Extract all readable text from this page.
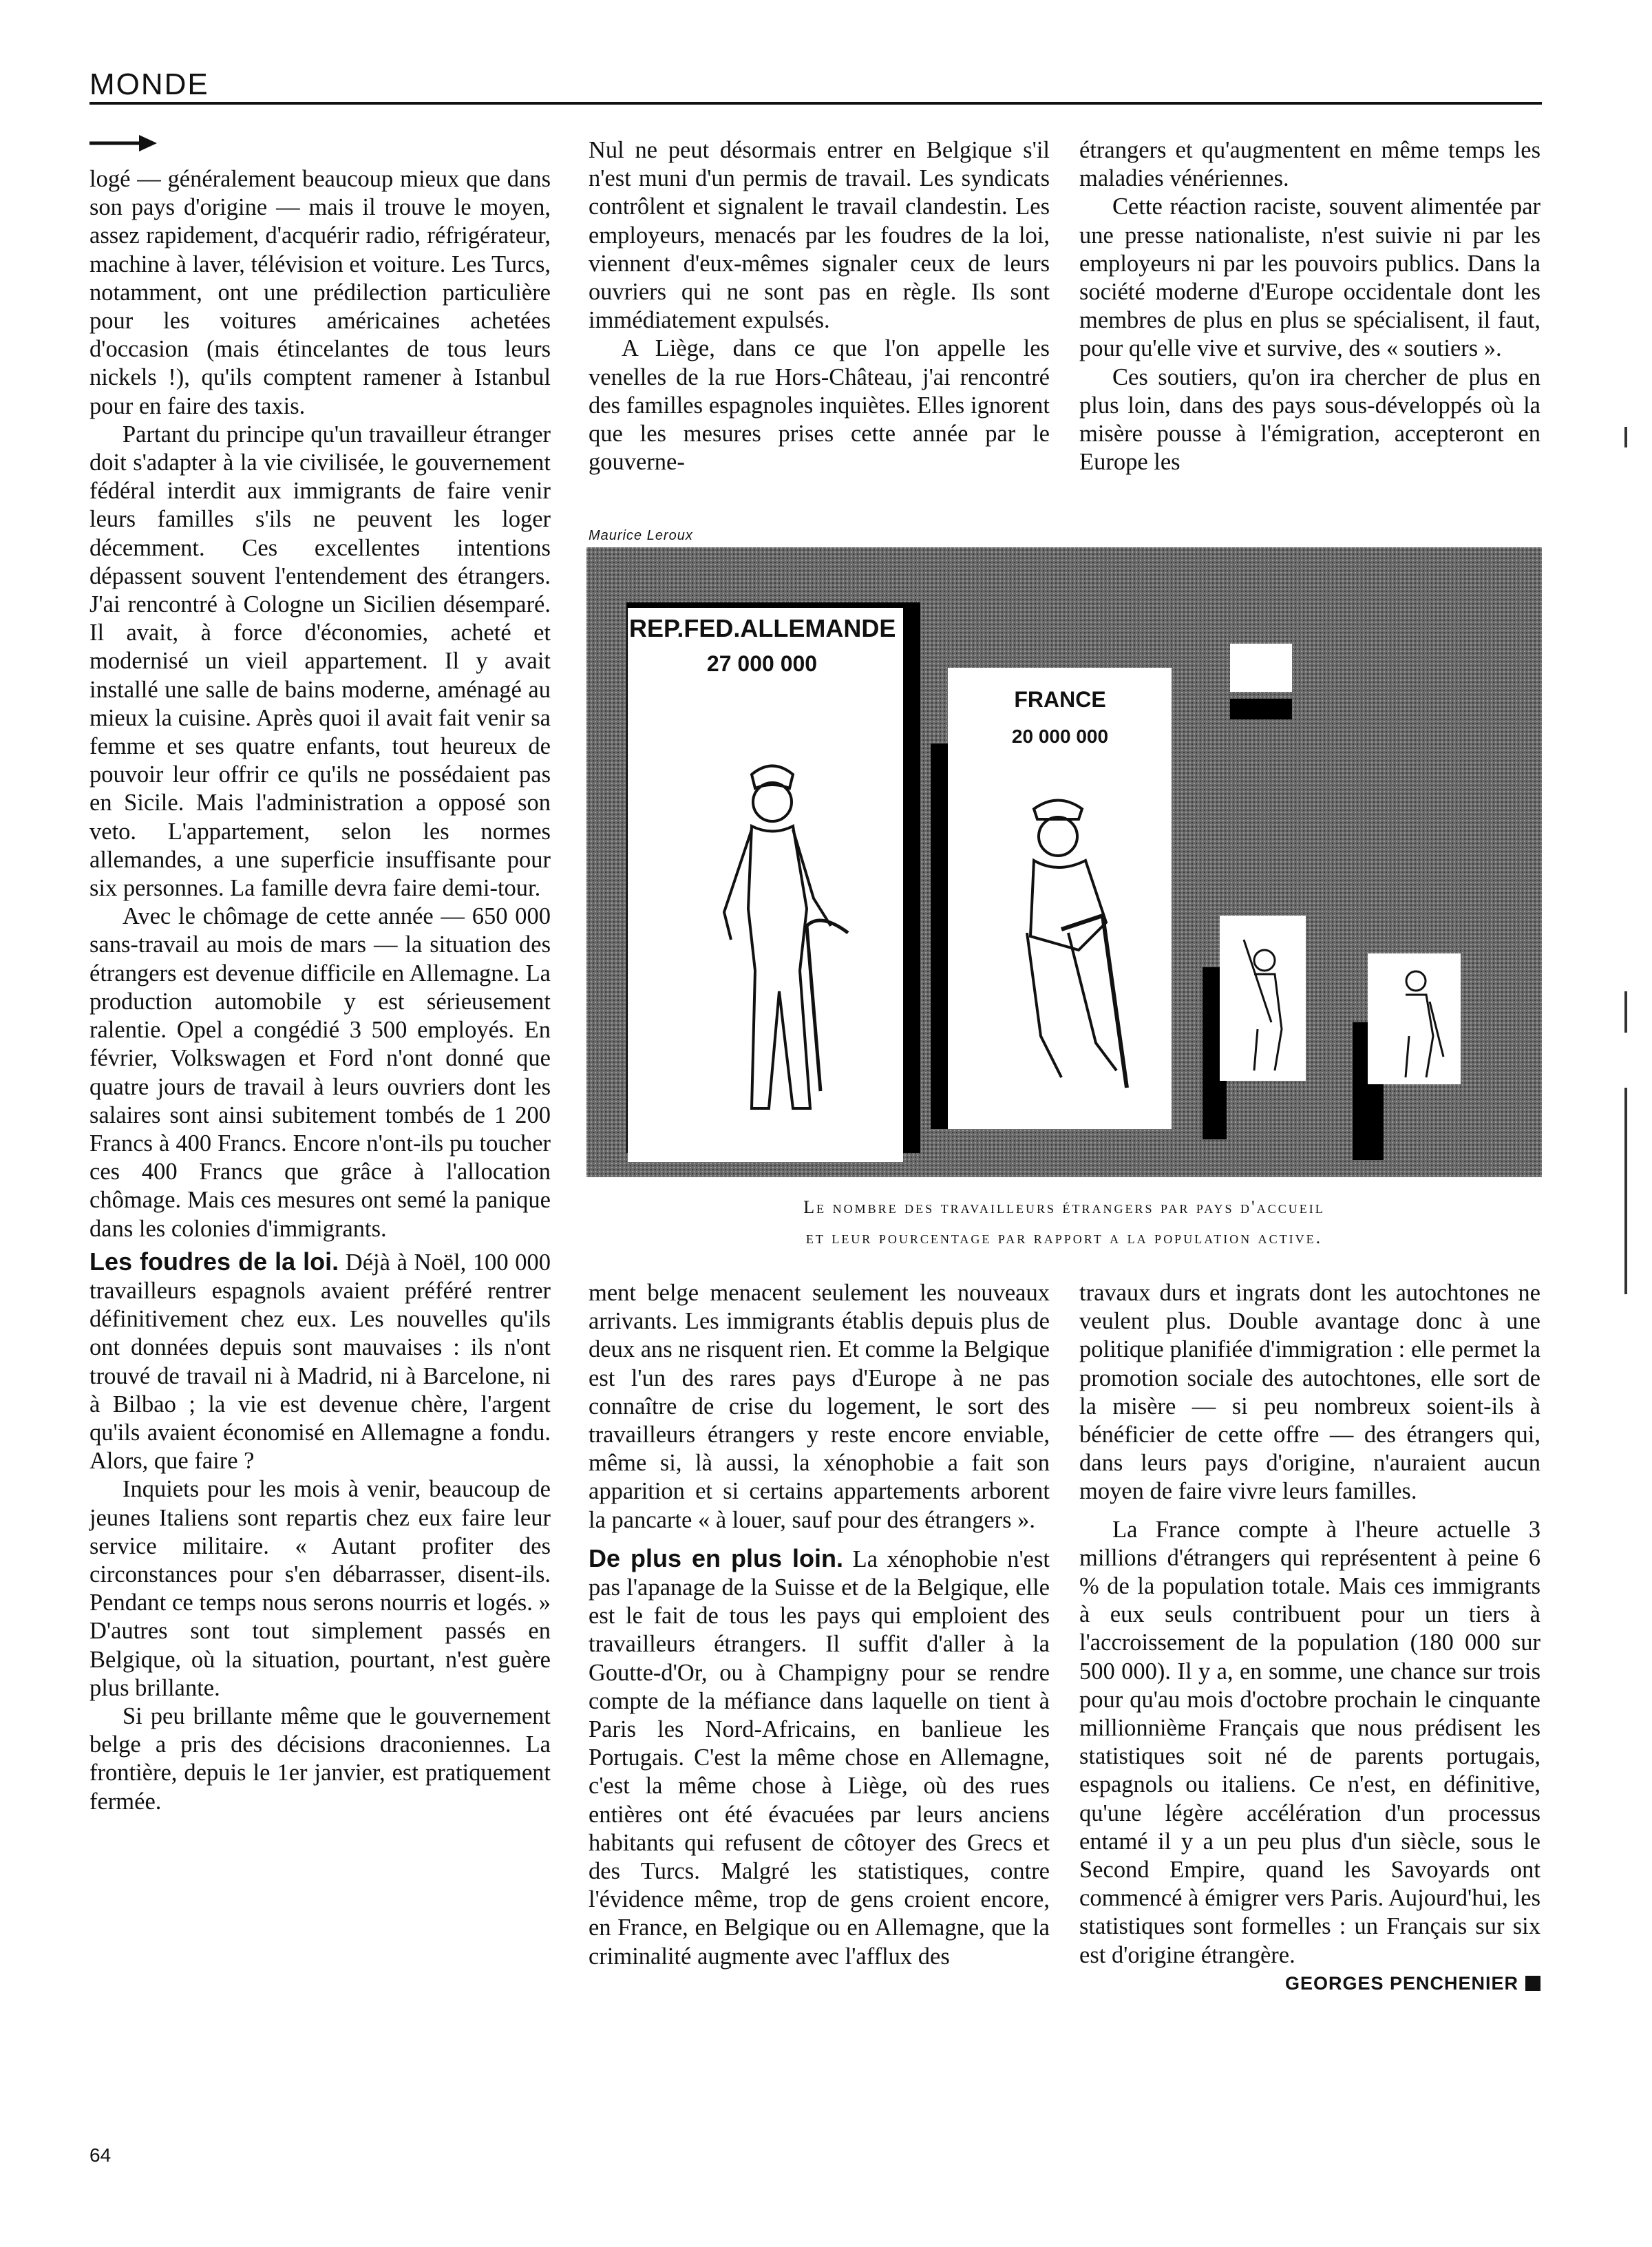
MONDE

logé — généralement beaucoup mieux que dans son pays d'origine — mais il trouve le moyen, assez rapidement, d'acquérir radio, réfrigérateur, machine à laver, télévision et voiture. Les Turcs, notamment, ont une prédilection particulière pour les voitures américaines achetées d'occasion (mais étincelantes de tous leurs nickels !), qu'ils comptent ramener à Istanbul pour en faire des taxis.

Partant du principe qu'un travailleur étranger doit s'adapter à la vie civilisée, le gouvernement fédéral interdit aux immigrants de faire venir leurs familles s'ils ne peuvent les loger décemment. Ces excellentes intentions dépassent souvent l'entendement des étrangers. J'ai rencontré à Cologne un Sicilien désemparé. Il avait, à force d'économies, acheté et modernisé un vieil appartement. Il y avait installé une salle de bains moderne, aménagé au mieux la cuisine. Après quoi il avait fait venir sa femme et ses quatre enfants, tout heureux de pouvoir leur offrir ce qu'ils ne possédaient pas en Sicile. Mais l'administration a opposé son veto. L'appartement, selon les normes allemandes, a une superficie insuffisante pour six personnes. La famille devra faire demi-tour.

Avec le chômage de cette année — 650 000 sans-travail au mois de mars — la situation des étrangers est devenue difficile en Allemagne. La production automobile y est sérieusement ralentie. Opel a congédié 3 500 employés. En février, Volkswagen et Ford n'ont donné que quatre jours de travail à leurs ouvriers dont les salaires sont ainsi subitement tombés de 1 200 Francs à 400 Francs. Encore n'ont-ils pu toucher ces 400 Francs que grâce à l'allocation chômage. Mais ces mesures ont semé la panique dans les colonies d'immigrants.

Les foudres de la loi. Déjà à Noël, 100 000 travailleurs espagnols avaient préféré rentrer définitivement chez eux. Les nouvelles qu'ils ont données depuis sont mauvaises : ils n'ont trouvé de travail ni à Madrid, ni à Barcelone, ni à Bilbao ; la vie est devenue chère, l'argent qu'ils avaient économisé en Allemagne a fondu. Alors, que faire ?

Inquiets pour les mois à venir, beaucoup de jeunes Italiens sont repartis chez eux faire leur service militaire. « Autant profiter des circonstances pour s'en débarrasser, disent-ils. Pendant ce temps nous serons nourris et logés. » D'autres sont tout simplement passés en Belgique, où la situation, pourtant, n'est guère plus brillante.

Si peu brillante même que le gouvernement belge a pris des décisions draconiennes. La frontière, depuis le 1er janvier, est pratiquement fermée.

Nul ne peut désormais entrer en Belgique s'il n'est muni d'un permis de travail. Les syndicats contrôlent et signalent le travail clandestin. Les employeurs, menacés par les foudres de la loi, viennent d'eux-mêmes signaler ceux de leurs ouvriers qui ne sont pas en règle. Ils sont immédiatement expulsés.

A Liège, dans ce que l'on appelle les venelles de la rue Hors-Château, j'ai rencontré des familles espagnoles inquiètes. Elles ignorent que les mesures prises cette année par le gouverne-

étrangers et qu'augmentent en même temps les maladies vénériennes.

Cette réaction raciste, souvent alimentée par une presse nationaliste, n'est suivie ni par les employeurs ni par les pouvoirs publics. Dans la société moderne d'Europe occidentale dont les membres de plus en plus se spécialisent, il faut, pour qu'elle vive et survive, des « soutiers ».

Ces soutiers, qu'on ira chercher de plus en plus loin, dans des pays sous-développés où la misère pousse à l'émigration, accepteront en Europe les

Maurice Leroux
REP.FED.ALLEMANDE
27 000 000
FRANCE
20 000 000
Le nombre des travailleurs étrangers par pays d'accueil
et leur pourcentage par rapport a la population active.

ment belge menacent seulement les nouveaux arrivants. Les immigrants établis depuis plus de deux ans ne risquent rien. Et comme la Belgique est l'un des rares pays d'Europe à ne pas connaître de crise du logement, le sort des travailleurs étrangers y reste encore enviable, même si, là aussi, la xénophobie a fait son apparition et si certains appartements arborent la pancarte « à louer, sauf pour des étrangers ».

De plus en plus loin. La xénophobie n'est pas l'apanage de la Suisse et de la Belgique, elle est le fait de tous les pays qui emploient des travailleurs étrangers. Il suffit d'aller à la Goutte-d'Or, ou à Champigny pour se rendre compte de la méfiance dans laquelle on tient à Paris les Nord-Africains, en banlieue les Portugais. C'est la même chose en Allemagne, c'est la même chose à Liège, où des rues entières ont été évacuées par leurs anciens habitants qui refusent de côtoyer des Grecs et des Turcs. Malgré les statistiques, contre l'évidence même, trop de gens croient encore, en France, en Belgique ou en Allemagne, que la criminalité augmente avec l'afflux des

travaux durs et ingrats dont les autochtones ne veulent plus. Double avantage donc à une politique planifiée d'immigration : elle permet la promotion sociale des autochtones, elle sort de la misère — si peu nombreux soient-ils à bénéficier de cette offre — des étrangers qui, dans leurs pays d'origine, n'auraient aucun moyen de faire vivre leurs familles.

La France compte à l'heure actuelle 3 millions d'étrangers qui représentent à peine 6 % de la population totale. Mais ces immigrants à eux seuls contribuent pour un tiers à l'accroissement de la population (180 000 sur 500 000). Il y a, en somme, une chance sur trois pour qu'au mois d'octobre prochain le cinquante millionnième Français que nous prédisent les statistiques soit né de parents portugais, espagnols ou italiens. Ce n'est, en définitive, qu'une légère accélération d'un processus entamé il y a un peu plus d'un siècle, sous le Second Empire, quand les Savoyards ont commencé à émigrer vers Paris. Aujourd'hui, les statistiques sont formelles : un Français sur six est d'origine étrangère.

GEORGES PENCHENIER
64
